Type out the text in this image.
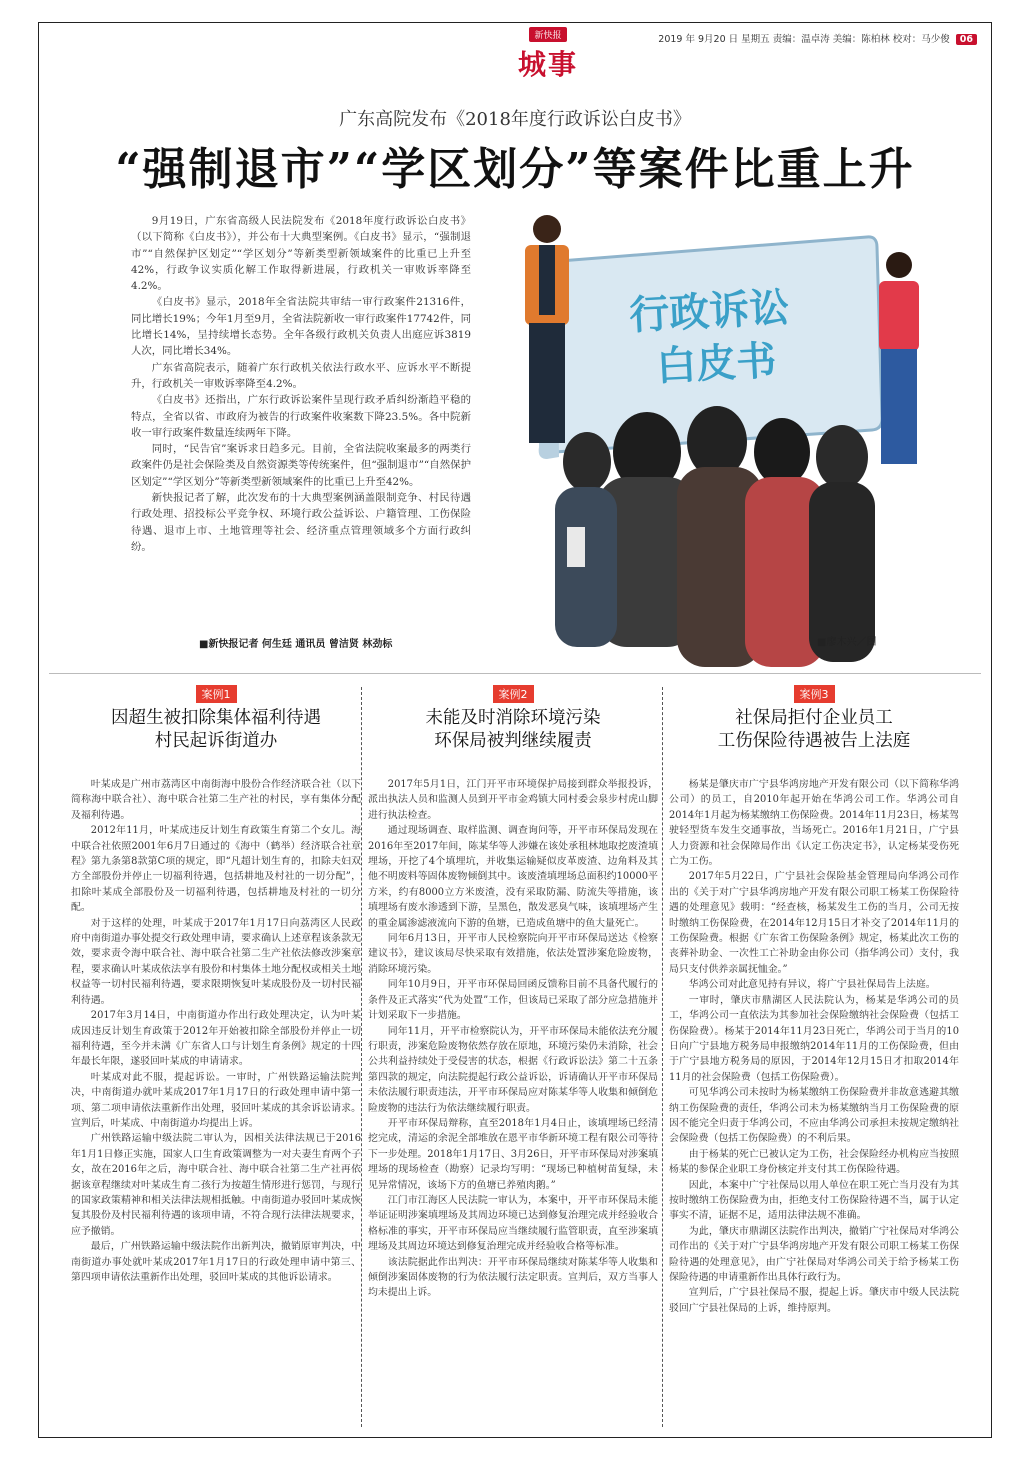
新快报
城事
2019 年 9月20 日 星期五 责编：温卓涛 美编：陈柏林 校对：马少俊 06
广东高院发布《2018年度行政诉讼白皮书》
“强制退市”“学区划分”等案件比重上升

9月19日，广东省高级人民法院发布《2018年度行政诉讼白皮书》（以下简称《白皮书》），并公布十大典型案例。《白皮书》显示，“强制退市”“自然保护区划定”“学区划分”等新类型新领域案件的比重已上升至42%，行政争议实质化解工作取得新进展，行政机关一审败诉率降至4.2%。

《白皮书》显示，2018年全省法院共审结一审行政案件21316件，同比增长19%；今年1月至9月，全省法院新收一审行政案件17742件，同比增长14%，呈持续增长态势。全年各级行政机关负责人出庭应诉3819人次，同比增长34%。

广东省高院表示，随着广东行政机关依法行政水平、应诉水平不断提升，行政机关一审败诉率降至4.2%。

《白皮书》还指出，广东行政诉讼案件呈现行政矛盾纠纷渐趋平稳的特点，全省以省、市政府为被告的行政案件收案数下降23.5%。各中院新收一审行政案件数量连续两年下降。

同时，“民告官”案诉求日趋多元。目前，全省法院收案最多的两类行政案件仍是社会保险类及自然资源类等传统案件，但“强制退市”“自然保护区划定”“学区划分”等新类型新领域案件的比重已上升至42%。

新快报记者了解，此次发布的十大典型案例涵盖限制竞争、村民待遇行政处理、招投标公平竞争权、环境行政公益诉讼、户籍管理、工伤保险待遇、退市上市、土地管理等社会、经济重点管理领域多个方面行政纠纷。

行政诉讼
白皮书
■廖木兴／图
■新快报记者 何生廷 通讯员 曾洁贤 林劲标
案例1
因超生被扣除集体福利待遇
村民起诉街道办

叶某成是广州市荔湾区中南街海中股份合作经济联合社（以下简称海中联合社）、海中联合社第二生产社的村民，享有集体分配及福利待遇。

2012年11月，叶某成违反计划生育政策生育第二个女儿。海中联合社依照2001年6月7日通过的《海中（鹤举）经济联合社章程》第九条第8款第C项的规定，即“凡超计划生育的，扣除夫妇双方全部股份并停止一切福利待遇，包括耕地及村社的一切分配”，扣除叶某成全部股份及一切福利待遇，包括耕地及村社的一切分配。

对于这样的处理，叶某成于2017年1月17日向荔湾区人民政府中南街道办事处提交行政处理申请，要求确认上述章程该条款无效，要求责令海中联合社、海中联合社第二生产社依法修改涉案章程，要求确认叶某成依法享有股份和村集体土地分配权或相关土地权益等一切村民福利待遇，要求限期恢复叶某成股份及一切村民福利待遇。

2017年3月14日，中南街道办作出行政处理决定，认为叶某成因违反计划生育政策于2012年开始被扣除全部股份并停止一切福利待遇，至今并未满《广东省人口与计划生育条例》规定的十四年最长年限，遂驳回叶某成的申请请求。

叶某成对此不服，提起诉讼。一审时，广州铁路运输法院判决，中南街道办就叶某成2017年1月17日的行政处理申请中第一项、第二项申请依法重新作出处理，驳回叶某成的其余诉讼请求。宣判后，叶某成、中南街道办均提出上诉。

广州铁路运输中级法院二审认为，因相关法律法规已于2016年1月1日修正实施，国家人口生育政策调整为一对夫妻生育两个子女，故在2016年之后，海中联合社、海中联合社第二生产社再依据该章程继续对叶某成生育二孩行为按超生情形进行惩罚，与现行的国家政策精神和相关法律法规相抵触。中南街道办驳回叶某成恢复其股份及村民福利待遇的该项申请，不符合现行法律法规要求，应予撤销。

最后，广州铁路运输中级法院作出新判决，撤销原审判决，中南街道办事处就叶某成2017年1月17日的行政处理申请中第三、第四项申请依法重新作出处理，驳回叶某成的其他诉讼请求。

案例2
未能及时消除环境污染
环保局被判继续履责

2017年5月1日，江门开平市环境保护局接到群众举报投诉，派出执法人员和监测人员到开平市金鸡镇大同村委会泉步村虎山脚进行执法检查。

通过现场调查、取样监测、调查询问等，开平市环保局发现在2016年至2017年间，陈某华等人涉嫌在该处承租林地取挖废渣填埋场，开挖了4个填埋坑，并收集运输疑似皮革废渣、边角料及其他不明废料等固体废物倾倒其中。该废渣填埋场总面积约10000平方米，约有8000立方米废渣，没有采取防漏、防流失等措施，该填埋场有废水渗透到下游，呈黑色，散发恶臭气味，该填埋场产生的重金属渗滤液流向下游的鱼塘，已造成鱼塘中的鱼大量死亡。

同年6月13日，开平市人民检察院向开平市环保局送达《检察建议书》，建议该局尽快采取有效措施，依法处置涉案危险废物，消除环境污染。

同年10月9日，开平市环保局回函反馈称目前不具备代履行的条件及正式落实“代为处置”工作，但该局已采取了部分应急措施并计划采取下一步措施。

同年11月，开平市检察院认为，开平市环保局未能依法充分履行职责，涉案危险废物依然存放在原地，环境污染仍未消除，社会公共利益持续处于受侵害的状态，根据《行政诉讼法》第二十五条第四款的规定，向法院提起行政公益诉讼，诉请确认开平市环保局未依法履行职责违法，开平市环保局应对陈某华等人收集和倾倒危险废物的违法行为依法继续履行职责。

开平市环保局辩称，直至2018年1月4日止，该填埋场已经清挖完成，清运的余泥全部堆放在恩平市华新环境工程有限公司等待下一步处理。2018年1月17日、3月26日，开平市环保局对涉案填埋场的现场检查（勘察）记录均写明：“现场已种植树苗复绿，未见异常情况，该场下方的鱼塘已养殖肉鹅。”

江门市江海区人民法院一审认为，本案中，开平市环保局未能举证证明涉案填埋场及其周边环境已达到修复治理完成并经验收合格标准的事实，开平市环保局应当继续履行监管职责，直至涉案填埋场及其周边环境达到修复治理完成并经验收合格等标准。

该法院据此作出判决：开平市环保局继续对陈某华等人收集和倾倒涉案固体废物的行为依法履行法定职责。宣判后，双方当事人均未提出上诉。

案例3
社保局拒付企业员工
工伤保险待遇被告上法庭

杨某是肇庆市广宁县华鸿房地产开发有限公司（以下简称华鸿公司）的员工，自2010年起开始在华鸿公司工作。华鸿公司自2014年1月起为杨某缴纳工伤保险费。2014年11月23日，杨某驾驶轻型货车发生交通事故，当场死亡。2016年1月21日，广宁县人力资源和社会保障局作出《认定工伤决定书》，认定杨某受伤死亡为工伤。

2017年5月22日，广宁县社会保险基金管理局向华鸿公司作出的《关于对广宁县华鸿房地产开发有限公司职工杨某工伤保险待遇的处理意见》载明：“经查核，杨某发生工伤的当月，公司无按时缴纳工伤保险费，在2014年12月15日才补交了2014年11月的工伤保险费。根据《广东省工伤保险条例》规定，杨某此次工伤的丧葬补助金、一次性工亡补助金由你公司（指华鸿公司）支付，我局只支付供养亲属抚恤金。”

华鸿公司对此意见持有异议，将广宁县社保局告上法庭。

一审时，肇庆市鼎湖区人民法院认为，杨某是华鸿公司的员工，华鸿公司一直依法为其参加社会保险缴纳社会保险费（包括工伤保险费）。杨某于2014年11月23日死亡，华鸿公司于当月的10日向广宁县地方税务局申报缴纳2014年11月的工伤保险费，但由于广宁县地方税务局的原因，于2014年12月15日才扣取2014年11月的社会保险费（包括工伤保险费）。

可见华鸿公司未按时为杨某缴纳工伤保险费并非故意逃避其缴纳工伤保险费的责任，华鸿公司未为杨某缴纳当月工伤保险费的原因不能完全归责于华鸿公司，不应由华鸿公司承担未按规定缴纳社会保险费（包括工伤保险费）的不利后果。

由于杨某的死亡已被认定为工伤，社会保险经办机构应当按照杨某的参保企业职工身份核定并支付其工伤保险待遇。

因此，本案中广宁社保局以用人单位在职工死亡当月没有为其按时缴纳工伤保险费为由，拒绝支付工伤保险待遇不当，属于认定事实不清，证据不足，适用法律法规不准确。

为此，肇庆市鼎湖区法院作出判决，撤销广宁社保局对华鸿公司作出的《关于对广宁县华鸿房地产开发有限公司职工杨某工伤保险待遇的处理意见》，由广宁社保局对华鸿公司关于给予杨某工伤保险待遇的申请重新作出具体行政行为。

宣判后，广宁县社保局不服，提起上诉。肇庆市中级人民法院驳回广宁县社保局的上诉，维持原判。
